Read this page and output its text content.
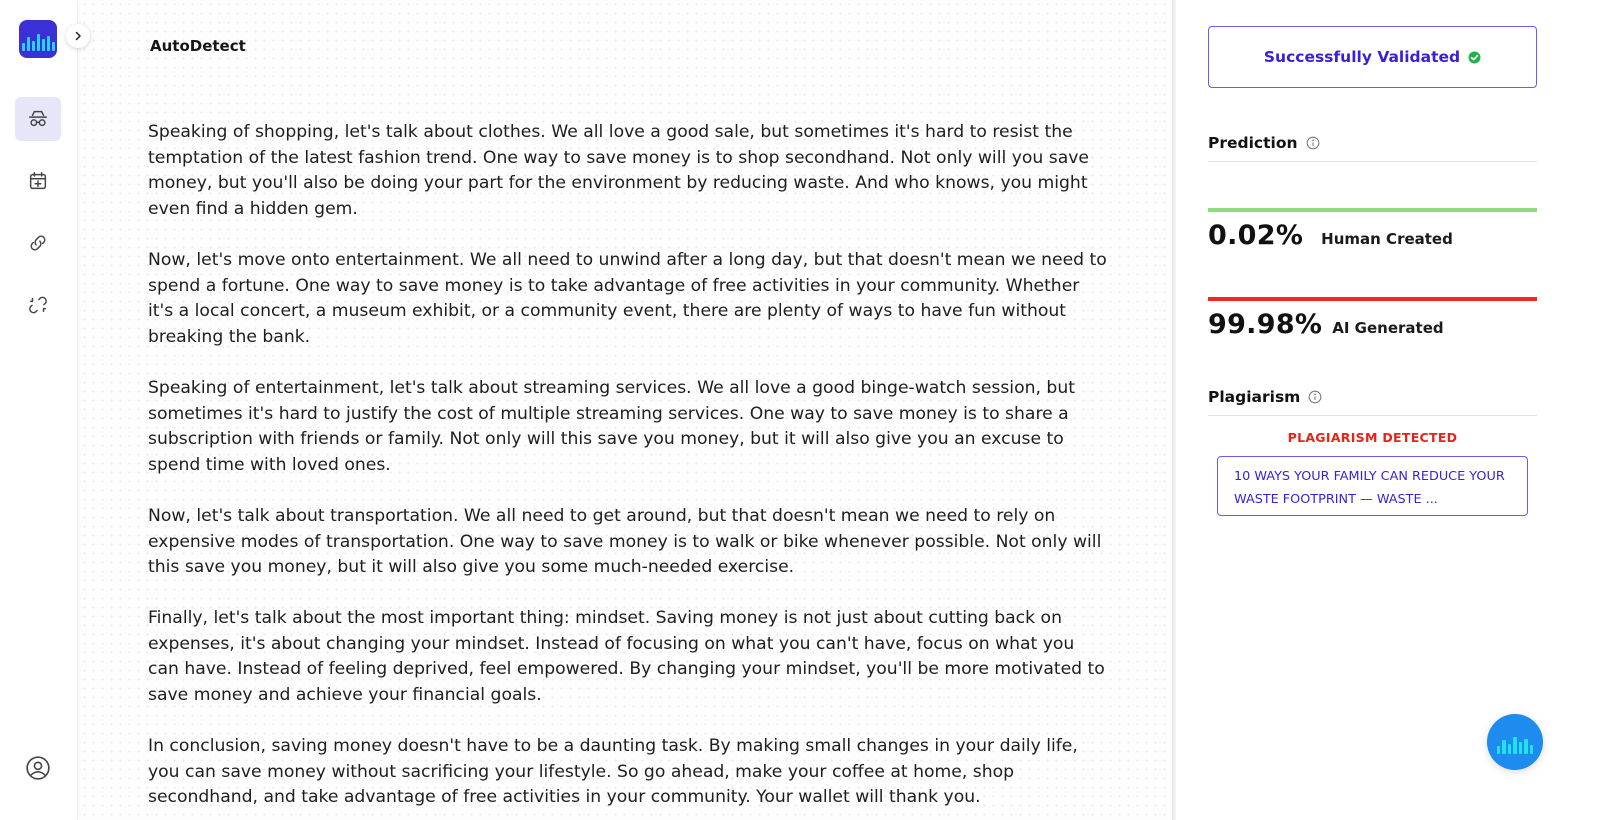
AutoDetect

Speaking of shopping, let's talk about clothes. We all love a good sale, but sometimes it's hard to resist the temptation of the latest fashion trend. One way to save money is to shop secondhand. Not only will you save money, but you'll also be doing your part for the environment by reducing waste. And who knows, you might even find a hidden gem.

Now, let's move onto entertainment. We all need to unwind after a long day, but that doesn't mean we need to spend a fortune. One way to save money is to take advantage of free activities in your community. Whether it's a local concert, a museum exhibit, or a community event, there are plenty of ways to have fun without breaking the bank.

Speaking of entertainment, let's talk about streaming services. We all love a good binge-watch session, but sometimes it's hard to justify the cost of multiple streaming services. One way to save money is to share a subscription with friends or family. Not only will this save you money, but it will also give you an excuse to spend time with loved ones.

Now, let's talk about transportation. We all need to get around, but that doesn't mean we need to rely on expensive modes of transportation. One way to save money is to walk or bike whenever possible. Not only will this save you money, but it will also give you some much-needed exercise.

Finally, let's talk about the most important thing: mindset. Saving money is not just about cutting back on expenses, it's about changing your mindset. Instead of focusing on what you can't have, focus on what you can have. Instead of feeling deprived, feel empowered. By changing your mindset, you'll be more motivated to save money and achieve your financial goals.

In conclusion, saving money doesn't have to be a daunting task. By making small changes in your daily life, you can save money without sacrificing your lifestyle. So go ahead, make your coffee at home, shop secondhand, and take advantage of free activities in your community. Your wallet will thank you.

Successfully Validated
Prediction
0.02% Human Created
99.98% AI Generated
Plagiarism
PLAGIARISM DETECTED
10 WAYS YOUR FAMILY CAN REDUCE YOUR WASTE FOOTPRINT — WASTE ...
